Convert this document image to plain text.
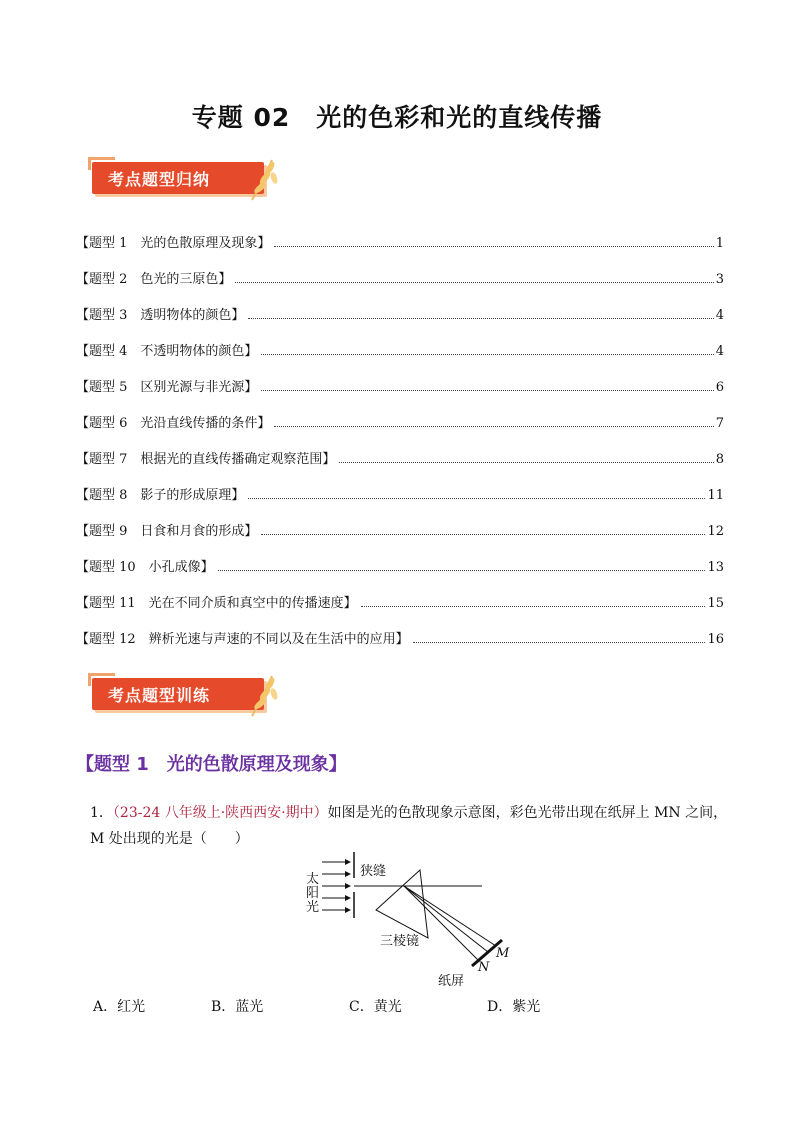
专题 02　光的色彩和光的直线传播
考点题型归纳
【题型 1　光的色散原理及现象】	1
【题型 2　色光的三原色】	3
【题型 3　透明物体的颜色】	4
【题型 4　不透明物体的颜色】	4
【题型 5　区别光源与非光源】	6
【题型 6　光沿直线传播的条件】	7
【题型 7　根据光的直线传播确定观察范围】	8
【题型 8　影子的形成原理】	11
【题型 9　日食和月食的形成】	12
【题型 10　小孔成像】	13
【题型 11　光在不同介质和真空中的传播速度】	15
【题型 12　辨析光速与声速的不同以及在生活中的应用】	16
考点题型训练
【题型 1　光的色散原理及现象】
1．（23-24 八年级上·陕西西安·期中）如图是光的色散现象示意图，彩色光带出现在纸屏上 MN 之间，M 处出现的光是（　　）
太
阳
光
狭缝
三棱镜
纸屏
M
N
A．红光	B．蓝光	C．黄光	D．紫光
